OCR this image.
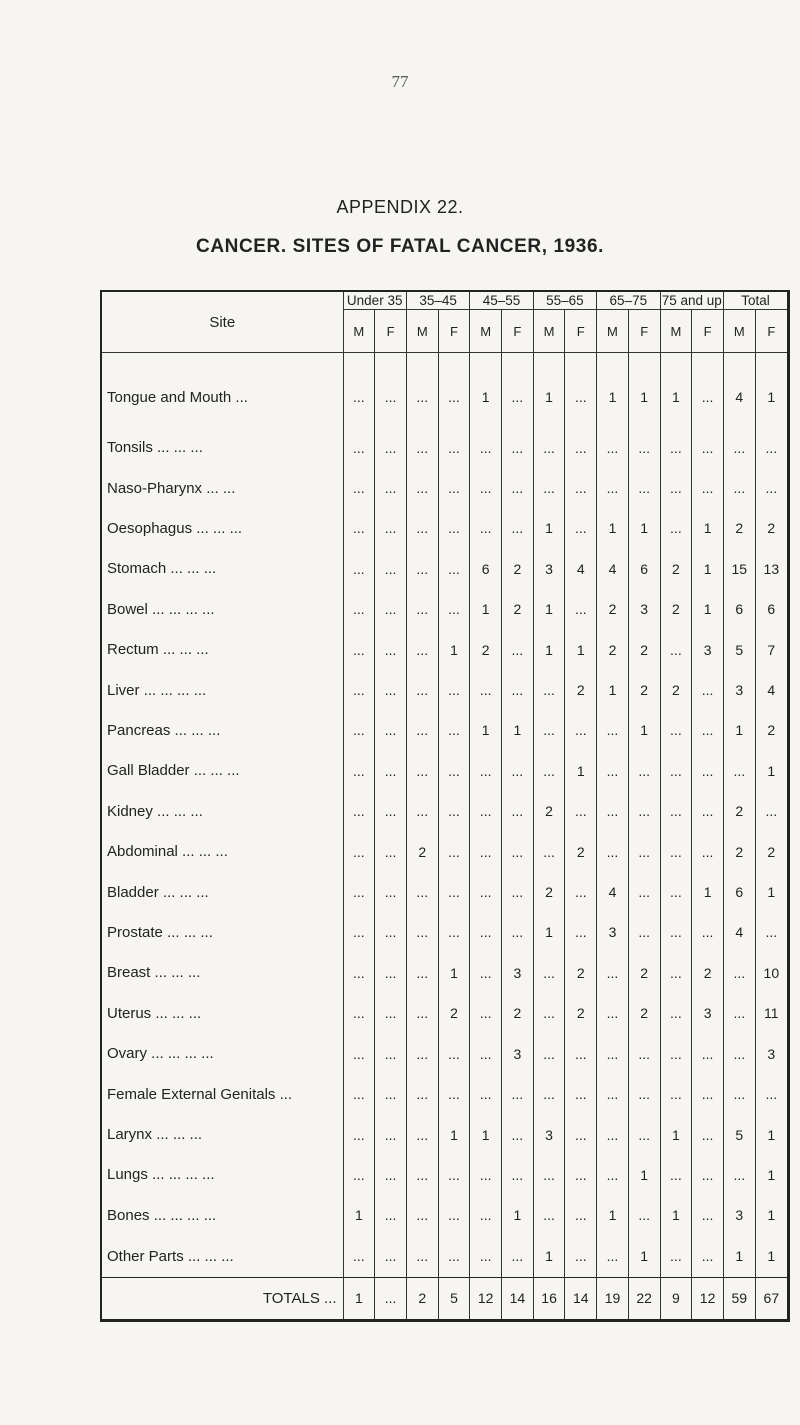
77
APPENDIX 22.
CANCER. SITES OF FATAL CANCER, 1936.
Site	Under 35		35–45		45–55		55–65		65–75		75 and up		Total	
	M	F	M	F	M	F	M	F	M	F	M	F	M	F
Tongue and Mouth ...	...	...	...	...	1	...	1	...	1	1	1	...	4	1
Tonsils ... ... ...	...	...	...	...	...	...	...	...	...	...	...	...	...	...
Naso-Pharynx ... ...	...	...	...	...	...	...	...	...	...	...	...	...	...	...
Oesophagus ... ... ...	...	...	...	...	...	...	1	...	1	1	...	1	2	2
Stomach ... ... ...	...	...	...	...	6	2	3	4	4	6	2	1	15	13
Bowel ... ... ... ...	...	...	...	...	1	2	1	...	2	3	2	1	6	6
Rectum ... ... ...	...	...	...	1	2	...	1	1	2	2	...	3	5	7
Liver ... ... ... ...	...	...	...	...	...	...	...	2	1	2	2	...	3	4
Pancreas ... ... ...	...	...	...	...	1	1	...	...	...	1	...	...	1	2
Gall Bladder ... ... ...	...	...	...	...	...	...	...	1	...	...	...	...	...	1
Kidney ... ... ...	...	...	...	...	...	...	2	...	...	...	...	...	2	...
Abdominal ... ... ...	...	...	2	...	...	...	...	2	...	...	...	...	2	2
Bladder ... ... ...	...	...	...	...	...	...	2	...	4	...	...	1	6	1
Prostate ... ... ...	...	...	...	...	...	...	1	...	3	...	...	...	4	...
Breast ... ... ...	...	...	...	1	...	3	...	2	...	2	...	2	...	10
Uterus ... ... ...	...	...	...	2	...	2	...	2	...	2	...	3	...	11
Ovary ... ... ... ...	...	...	...	...	...	3	...	...	...	...	...	...	...	3
Female External Genitals ...	...	...	...	...	...	...	...	...	...	...	...	...	...	...
Larynx ... ... ...	...	...	...	1	1	...	3	...	...	...	1	...	5	1
Lungs ... ... ... ...	...	...	...	...	...	...	...	...	...	1	...	...	...	1
Bones ... ... ... ...	1	...	...	...	...	1	...	...	1	...	1	...	3	1
Other Parts ... ... ...	...	...	...	...	...	...	1	...	...	1	...	...	1	1
TOTALS ...	1	...	2	5	12	14	16	14	19	22	9	12	59	67
